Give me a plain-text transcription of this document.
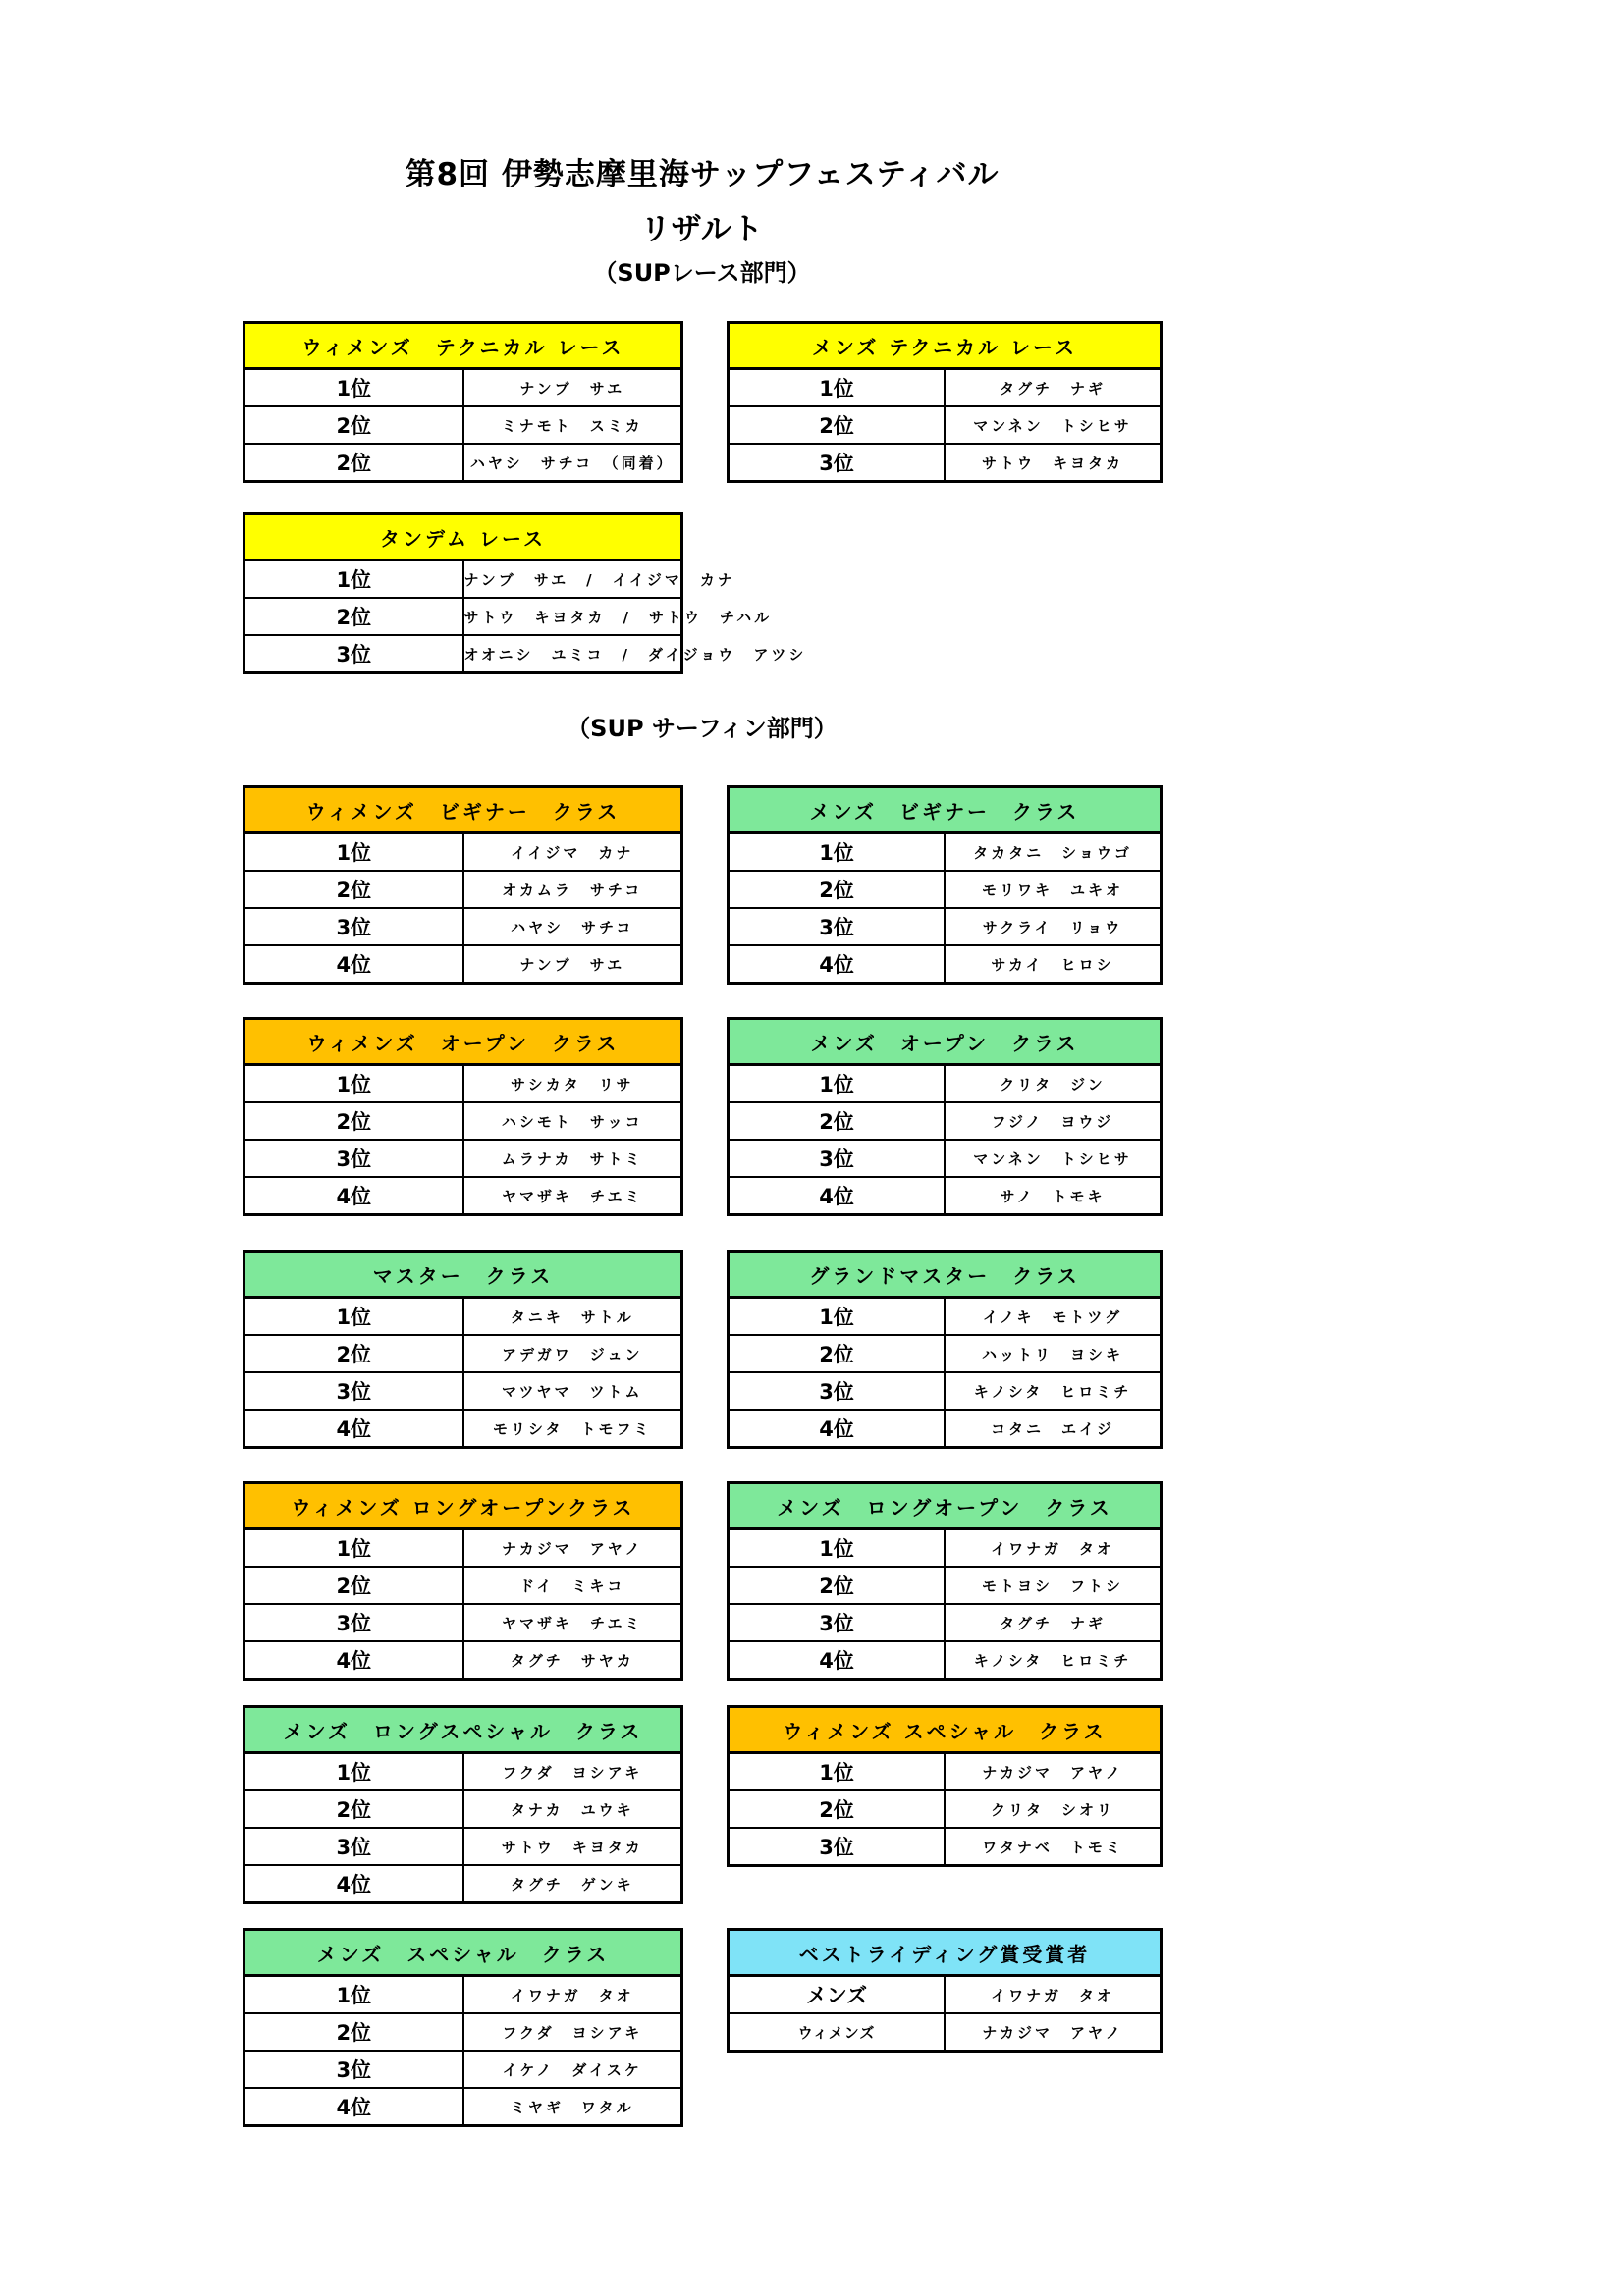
第8回 伊勢志摩里海サップフェスティバル
リザルト
（SUPレース部門）
（SUP サーフィン部門）
ウィメンズ　テクニカル レース	
1位	ナンブ　サエ
2位	ミナモト　スミカ
2位	ハヤシ　サチコ　（同着）
メンズ テクニカル レース	
1位	タグチ　ナギ
2位	マンネン　トシヒサ
3位	サトウ　キヨタカ
タンデム レース	
1位	ナンブ　サエ　/　イイジマ　カナ
2位	サトウ　キヨタカ　/　サトウ　チハル
3位	オオニシ　ユミコ　/　ダイジョウ　アツシ
ウィメンズ　ビギナー　クラス	
1位	イイジマ　カナ
2位	オカムラ　サチコ
3位	ハヤシ　サチコ
4位	ナンブ　サエ
メンズ　ビギナー　クラス	
1位	タカタニ　ショウゴ
2位	モリワキ　ユキオ
3位	サクライ　リョウ
4位	サカイ　ヒロシ
ウィメンズ　オープン　クラス	
1位	サシカタ　リサ
2位	ハシモト　サッコ
3位	ムラナカ　サトミ
4位	ヤマザキ　チエミ
メンズ　オープン　クラス	
1位	クリタ　ジン
2位	フジノ　ヨウジ
3位	マンネン　トシヒサ
4位	サノ　トモキ
マスター　クラス	
1位	タニキ　サトル
2位	アデガワ　ジュン
3位	マツヤマ　ツトム
4位	モリシタ　トモフミ
グランドマスター　クラス	
1位	イノキ　モトツグ
2位	ハットリ　ヨシキ
3位	キノシタ　ヒロミチ
4位	コタニ　エイジ
ウィメンズ ロングオープンクラス	
1位	ナカジマ　アヤノ
2位	ドイ　ミキコ
3位	ヤマザキ　チエミ
4位	タグチ　サヤカ
メンズ　ロングオープン　クラス	
1位	イワナガ　タオ
2位	モトヨシ　フトシ
3位	タグチ　ナギ
4位	キノシタ　ヒロミチ
メンズ　ロングスペシャル　クラス	
1位	フクダ　ヨシアキ
2位	タナカ　ユウキ
3位	サトウ　キヨタカ
4位	タグチ　ゲンキ
ウィメンズ スペシャル　クラス	
1位	ナカジマ　アヤノ
2位	クリタ　シオリ
3位	ワタナベ　トモミ
メンズ　スペシャル　クラス	
1位	イワナガ　タオ
2位	フクダ　ヨシアキ
3位	イケノ　ダイスケ
4位	ミヤギ　ワタル
ベストライディング賞受賞者	
メンズ	イワナガ　タオ
ウィメンズ	ナカジマ　アヤノ
